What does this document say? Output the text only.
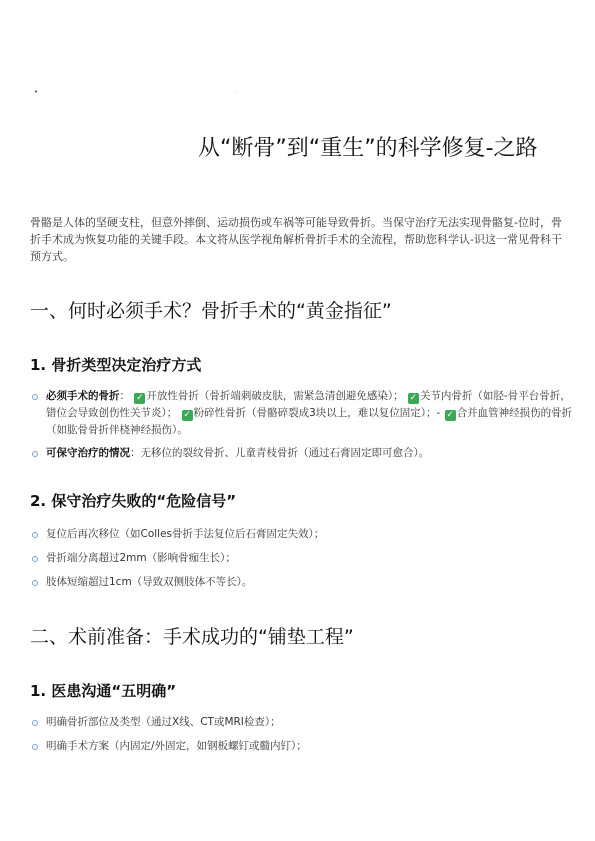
•	·
从“断骨”到“重生”的科学修复-之路

骨骼是人体的坚硬支柱，但意外摔倒、运动损伤或车祸等可能导致骨折。当保守治疗无法实现骨骼复-位时，骨折手术成为恢复功能的关键手段。本文将从医学视角解析骨折手术的全流程，帮助您科学认-识这一常见骨科干预方式。

一、何时必须手术？骨折手术的“黄金指征”
1. 骨折类型决定治疗方式
必须手术的骨折： ✓ 开放性骨折（骨折端刺破皮肤，需紧急清创避免感染）； ✓ 关节内骨折（如胫-骨平台骨折，错位会导致创伤性关节炎）； ✓ 粉碎性骨折（骨骼碎裂成3块以上，难以复位固定）；- ✓ 合并血管神经损伤的骨折（如肱骨骨折伴桡神经损伤）。
可保守治疗的情况：无移位的裂纹骨折、儿童青枝骨折（通过石膏固定即可愈合）。
2. 保守治疗失败的“危险信号”
复位后再次移位（如Colles骨折手法复位后石膏固定失效）；
骨折端分离超过2mm（影响骨痂生长）；
肢体短缩超过1cm（导致双侧肢体不等长）。
二、术前准备：手术成功的“铺垫工程”
1. 医患沟通“五明确”
明确骨折部位及类型（通过X线、CT或MRI检查）；
明确手术方案（内固定/外固定，如钢板螺钉或髓内钉）；
